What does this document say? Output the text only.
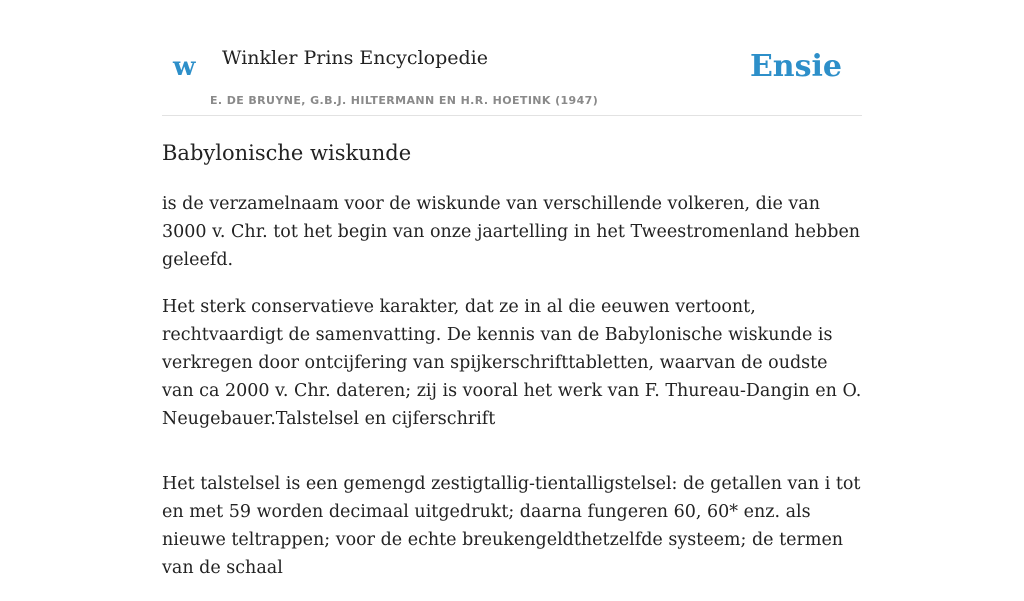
w Winkler Prins Encyclopedie
E. DE BRUYNE, G.B.J. HILTERMANN EN H.R. HOETINK (1947)
Ensie
Babylonische wiskunde

is de verzamelnaam voor de wiskunde van verschillende volkeren, die van 3000 v. Chr. tot het begin van onze jaartelling in het Tweestromenland hebben geleefd.

Het sterk conservatieve karakter, dat ze in al die eeuwen vertoont, rechtvaardigt de samenvatting. De kennis van de Babylonische wiskunde is verkregen door ontcijfering van spijkerschrifttabletten, waarvan de oudste van ca 2000 v. Chr. dateren; zij is vooral het werk van F. Thureau-Dangin en O. Neugebauer.Talstelsel en cijferschrift

Het talstelsel is een gemengd zestigtallig-tientalligstelsel: de getallen van i tot en met 59 worden decimaal uitgedrukt; daarna fungeren 60, 60* enz. als nieuwe teltrappen; voor de echte breukengeldthetzelfde systeem; de termen van de schaal
